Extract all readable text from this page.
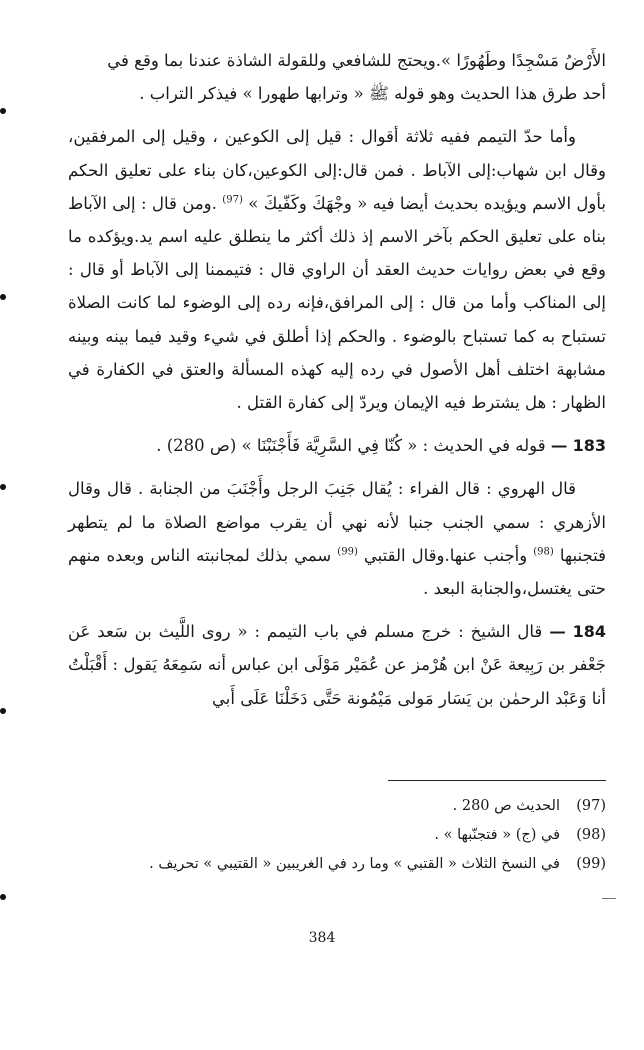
الأَرْضُ مَسْجِدًا وطَهُورًا ».ويحتج للشافعي وللقولة الشاذة عندنا بما وقع في
أحد طرق هذا الحديث وهو قوله ﷺ « وترابها طهورا » فيذكر التراب .

وأما حدّ التيمم ففيه ثلاثة أقوال : قيل إلى الكوعين ، وقيل إلى المرفقين، وقال ابن شهاب:إلى الآباط . فمن قال:إلى الكوعين،كان بناء على تعليق الحكم بأول الاسم ويؤيده بحديث أيضا فيه « وجْهَكَ وكَفّيكَ » $^{(97)}$ .ومن قال : إلى الآباط بناه على تعليق الحكم بآخر الاسم إذ ذلك أكثر ما ينطلق عليه اسم يد.ويؤكده ما وقع في بعض روايات حديث العقد أن الراوي قال : فتيممنا إلى الآباط أو قال : إلى المناكب وأما من قال : إلى المرافق،فإنه رده إلى الوضوء لما كانت الصلاة تستباح به كما تستباح بالوضوء . والحكم إذا أطلق في شيء وقيد فيما بينه وبينه مشابهة اختلف أهل الأصول في رده إليه كهذه المسألة والعتق في الكفارة في الظهار : هل يشترط فيه الإيمان ويردّ إلى كفارة القتل .

183 — قوله في الحديث : « كُنّا فِي السَّرِيَّة فَأَجْنَبْنَا » (ص 280) .

قال الهروي : قال الفراء : يُقال جَنِبَ الرجل وأَجْنَبَ من الجنابة . قال وقال الأزهري : سمي الجنب جنبا لأنه نهي أن يقرب مواضع الصلاة ما لم يتطهر فتجنبها $^{(98)}$ وأجنب عنها.وقال القتبي $^{(99)}$ سمي بذلك لمجانبته الناس وبعده منهم حتى يغتسل،والجنابة البعد .

184 — قال الشيخ : خرج مسلم في باب التيمم : « روى اللَّيث بن سَعد عَن جَعْفر بن رَبِيعة عَنْ ابن هُرْمز عن عُمَيْر مَوْلَى ابن عباس أنه سَمِعَهُ يَقول : أَقْبَلْتُ أنا وَعَبْد الرحمٰن بن يَسَار مَولى مَيْمُونة حَتَّى دَخَلْنَا عَلَى أَبي

(97)
الحديث ص 280 .
(98)
في (ج) « فتجنّبها » .
(99)
في النسخ الثلاث « القتبي » وما رد في الغريبين « القتيبي » تحريف .
384
